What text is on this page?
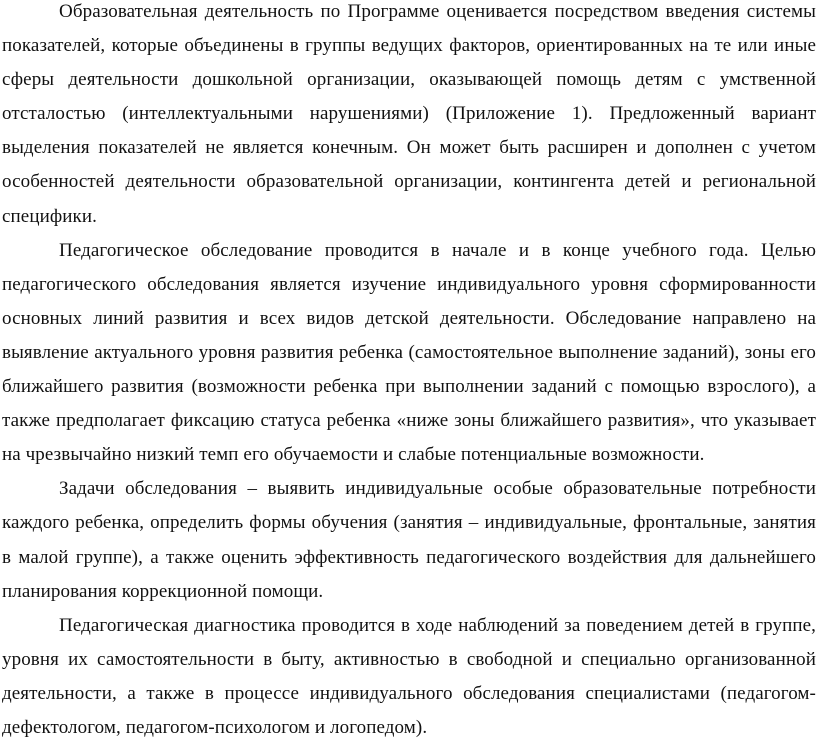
Образовательная деятельность по Программе оценивается посредством введения системы показателей, которые объединены в группы ведущих факторов, ориентированных на те или иные сферы деятельности дошкольной организации, оказывающей помощь детям с умственной отсталостью (интеллектуальными нарушениями) (Приложение 1). Предложенный вариант выделения показателей не является конечным. Он может быть расширен и дополнен с учетом особенностей деятельности образовательной организации, контингента детей и региональной специфики.

Педагогическое обследование проводится в начале и в конце учебного года. Целью педагогического обследования является изучение индивидуального уровня сформированности основных линий развития и всех видов детской деятельности. Обследование направлено на выявление актуального уровня развития ребенка (самостоятельное выполнение заданий), зоны его ближайшего развития (возможности ребенка при выполнении заданий с помощью взрослого), а также предполагает фиксацию статуса ребенка «ниже зоны ближайшего развития», что указывает на чрезвычайно низкий темп его обучаемости и слабые потенциальные возможности.

Задачи обследования – выявить индивидуальные особые образовательные потребности каждого ребенка, определить формы обучения (занятия – индивидуальные, фронтальные, занятия в малой группе), а также оценить эффективность педагогического воздействия для дальнейшего планирования коррекционной помощи.

Педагогическая диагностика проводится в ходе наблюдений за поведением детей в группе, уровня их самостоятельности в быту, активностью в свободной и специально организованной деятельности, а также в процессе индивидуального обследования специалистами (педагогом-дефектологом, педагогом-психологом и логопедом).
